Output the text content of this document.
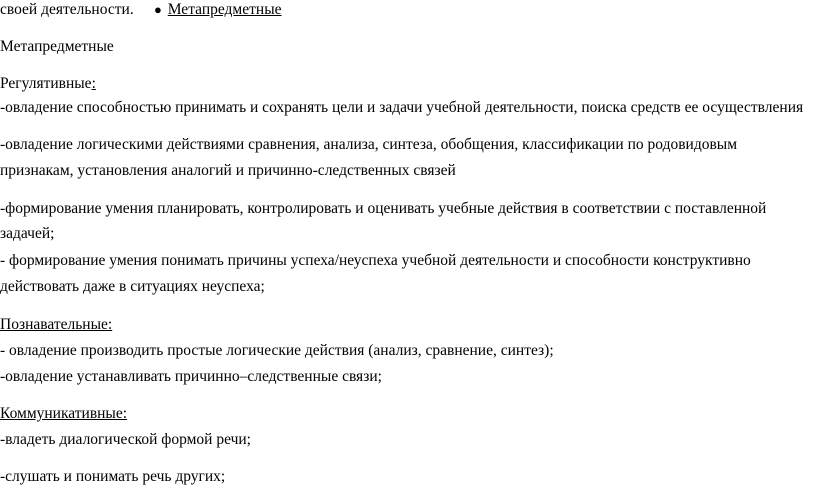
своей деятельности. ● Метапредметные
Метапредметные
Регулятивные:
-овладение способностью принимать и сохранять цели и задачи учебной деятельности, поиска средств ее осуществления
-овладение логическими действиями сравнения, анализа, синтеза, обобщения, классификации по родовидовым
признакам, установления аналогий и причинно-следственных связей
-формирование умения планировать, контролировать и оценивать учебные действия в соответствии с поставленной
задачей;
- формирование умения понимать причины успеха/неуспеха учебной деятельности и способности конструктивно
действовать даже в ситуациях неуспеха;
Познавательные:
- овладение производить простые логические действия (анализ, сравнение, синтез);
-овладение устанавливать причинно–следственные связи;
Коммуникативные:
-владеть диалогической формой речи;
-слушать и понимать речь других;
